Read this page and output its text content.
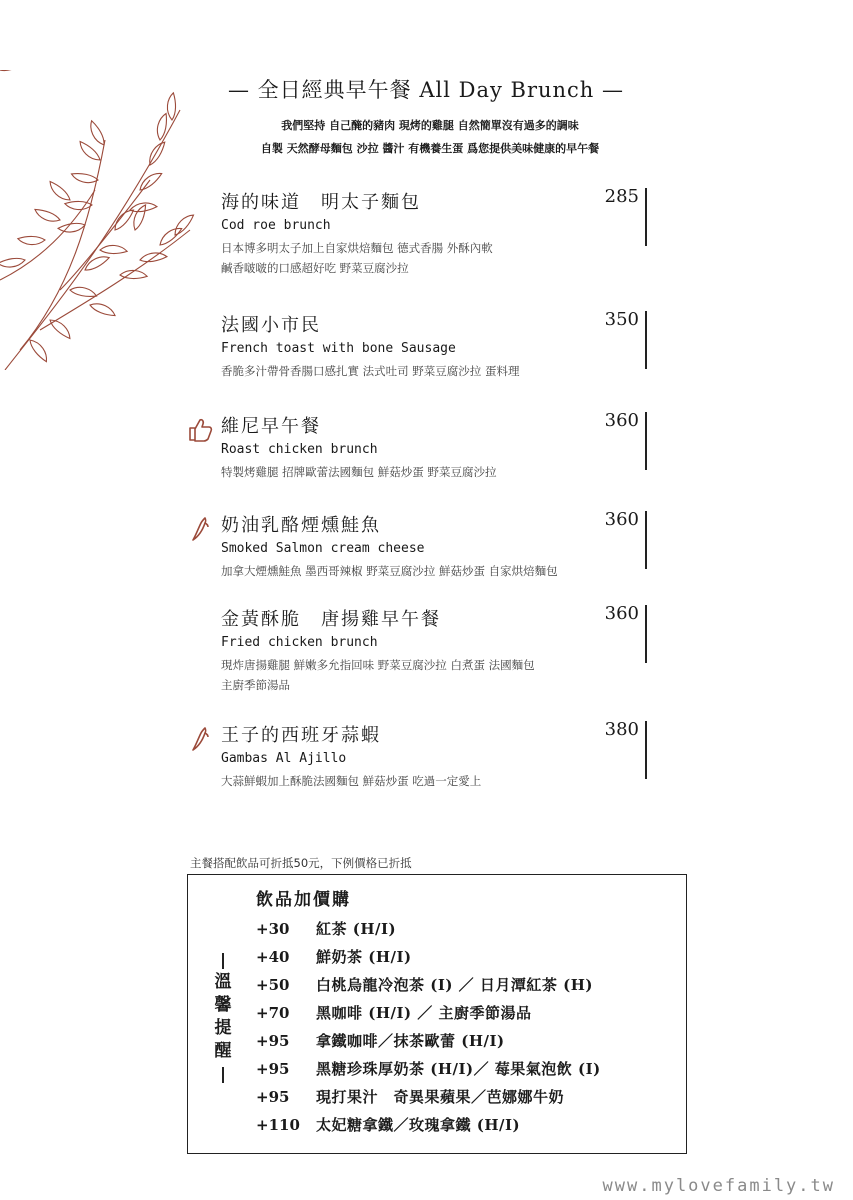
— 全日經典早午餐 All Day Brunch —
我們堅持 自己醃的豬肉 現烤的雞腿 自然簡單沒有過多的調味
自製 天然酵母麵包 沙拉 醬汁 有機養生蛋 爲您提供美味健康的早午餐
海的味道　明太子麵包
Cod roe brunch
日本博多明太子加上自家烘焙麵包 德式香腸 外酥內軟
鹹香啵啵的口感超好吃 野菜豆腐沙拉
285
法國小市民
French toast with bone Sausage
香脆多汁帶骨香腸口感扎實 法式吐司 野菜豆腐沙拉 蛋料理
350
維尼早午餐
Roast chicken brunch
特製烤雞腿 招牌歐蕾法國麵包 鮮菇炒蛋 野菜豆腐沙拉
360
奶油乳酪煙燻鮭魚
Smoked Salmon cream cheese
加拿大煙燻鮭魚 墨西哥辣椒 野菜豆腐沙拉 鮮菇炒蛋 自家烘焙麵包
360
金黃酥脆　唐揚雞早午餐
Fried chicken brunch
現炸唐揚雞腿 鮮嫩多允指回味 野菜豆腐沙拉 白煮蛋 法國麵包
主廚季節湯品
360
王子的西班牙蒜蝦
Gambas Al Ajillo
大蒜鮮蝦加上酥脆法國麵包 鮮菇炒蛋 吃過一定愛上
380
主餐搭配飲品可折抵50元，下例價格已折抵
飲品加價購
溫
馨
提
醒
+30 紅茶 (H/I)
+40 鮮奶茶 (H/I)
+50 白桃烏龍冷泡茶 (I) ／ 日月潭紅茶 (H)
+70 黑咖啡 (H/I) ／ 主廚季節湯品
+95 拿鐵咖啡／抹茶歐蕾 (H/I)
+95 黑糖珍珠厚奶茶 (H/I)／ 莓果氣泡飲 (I)
+95 現打果汁　奇異果蘋果／芭娜娜牛奶
+110 太妃糖拿鐵／玫瑰拿鐵 (H/I)
www.mylovefamily.tw
